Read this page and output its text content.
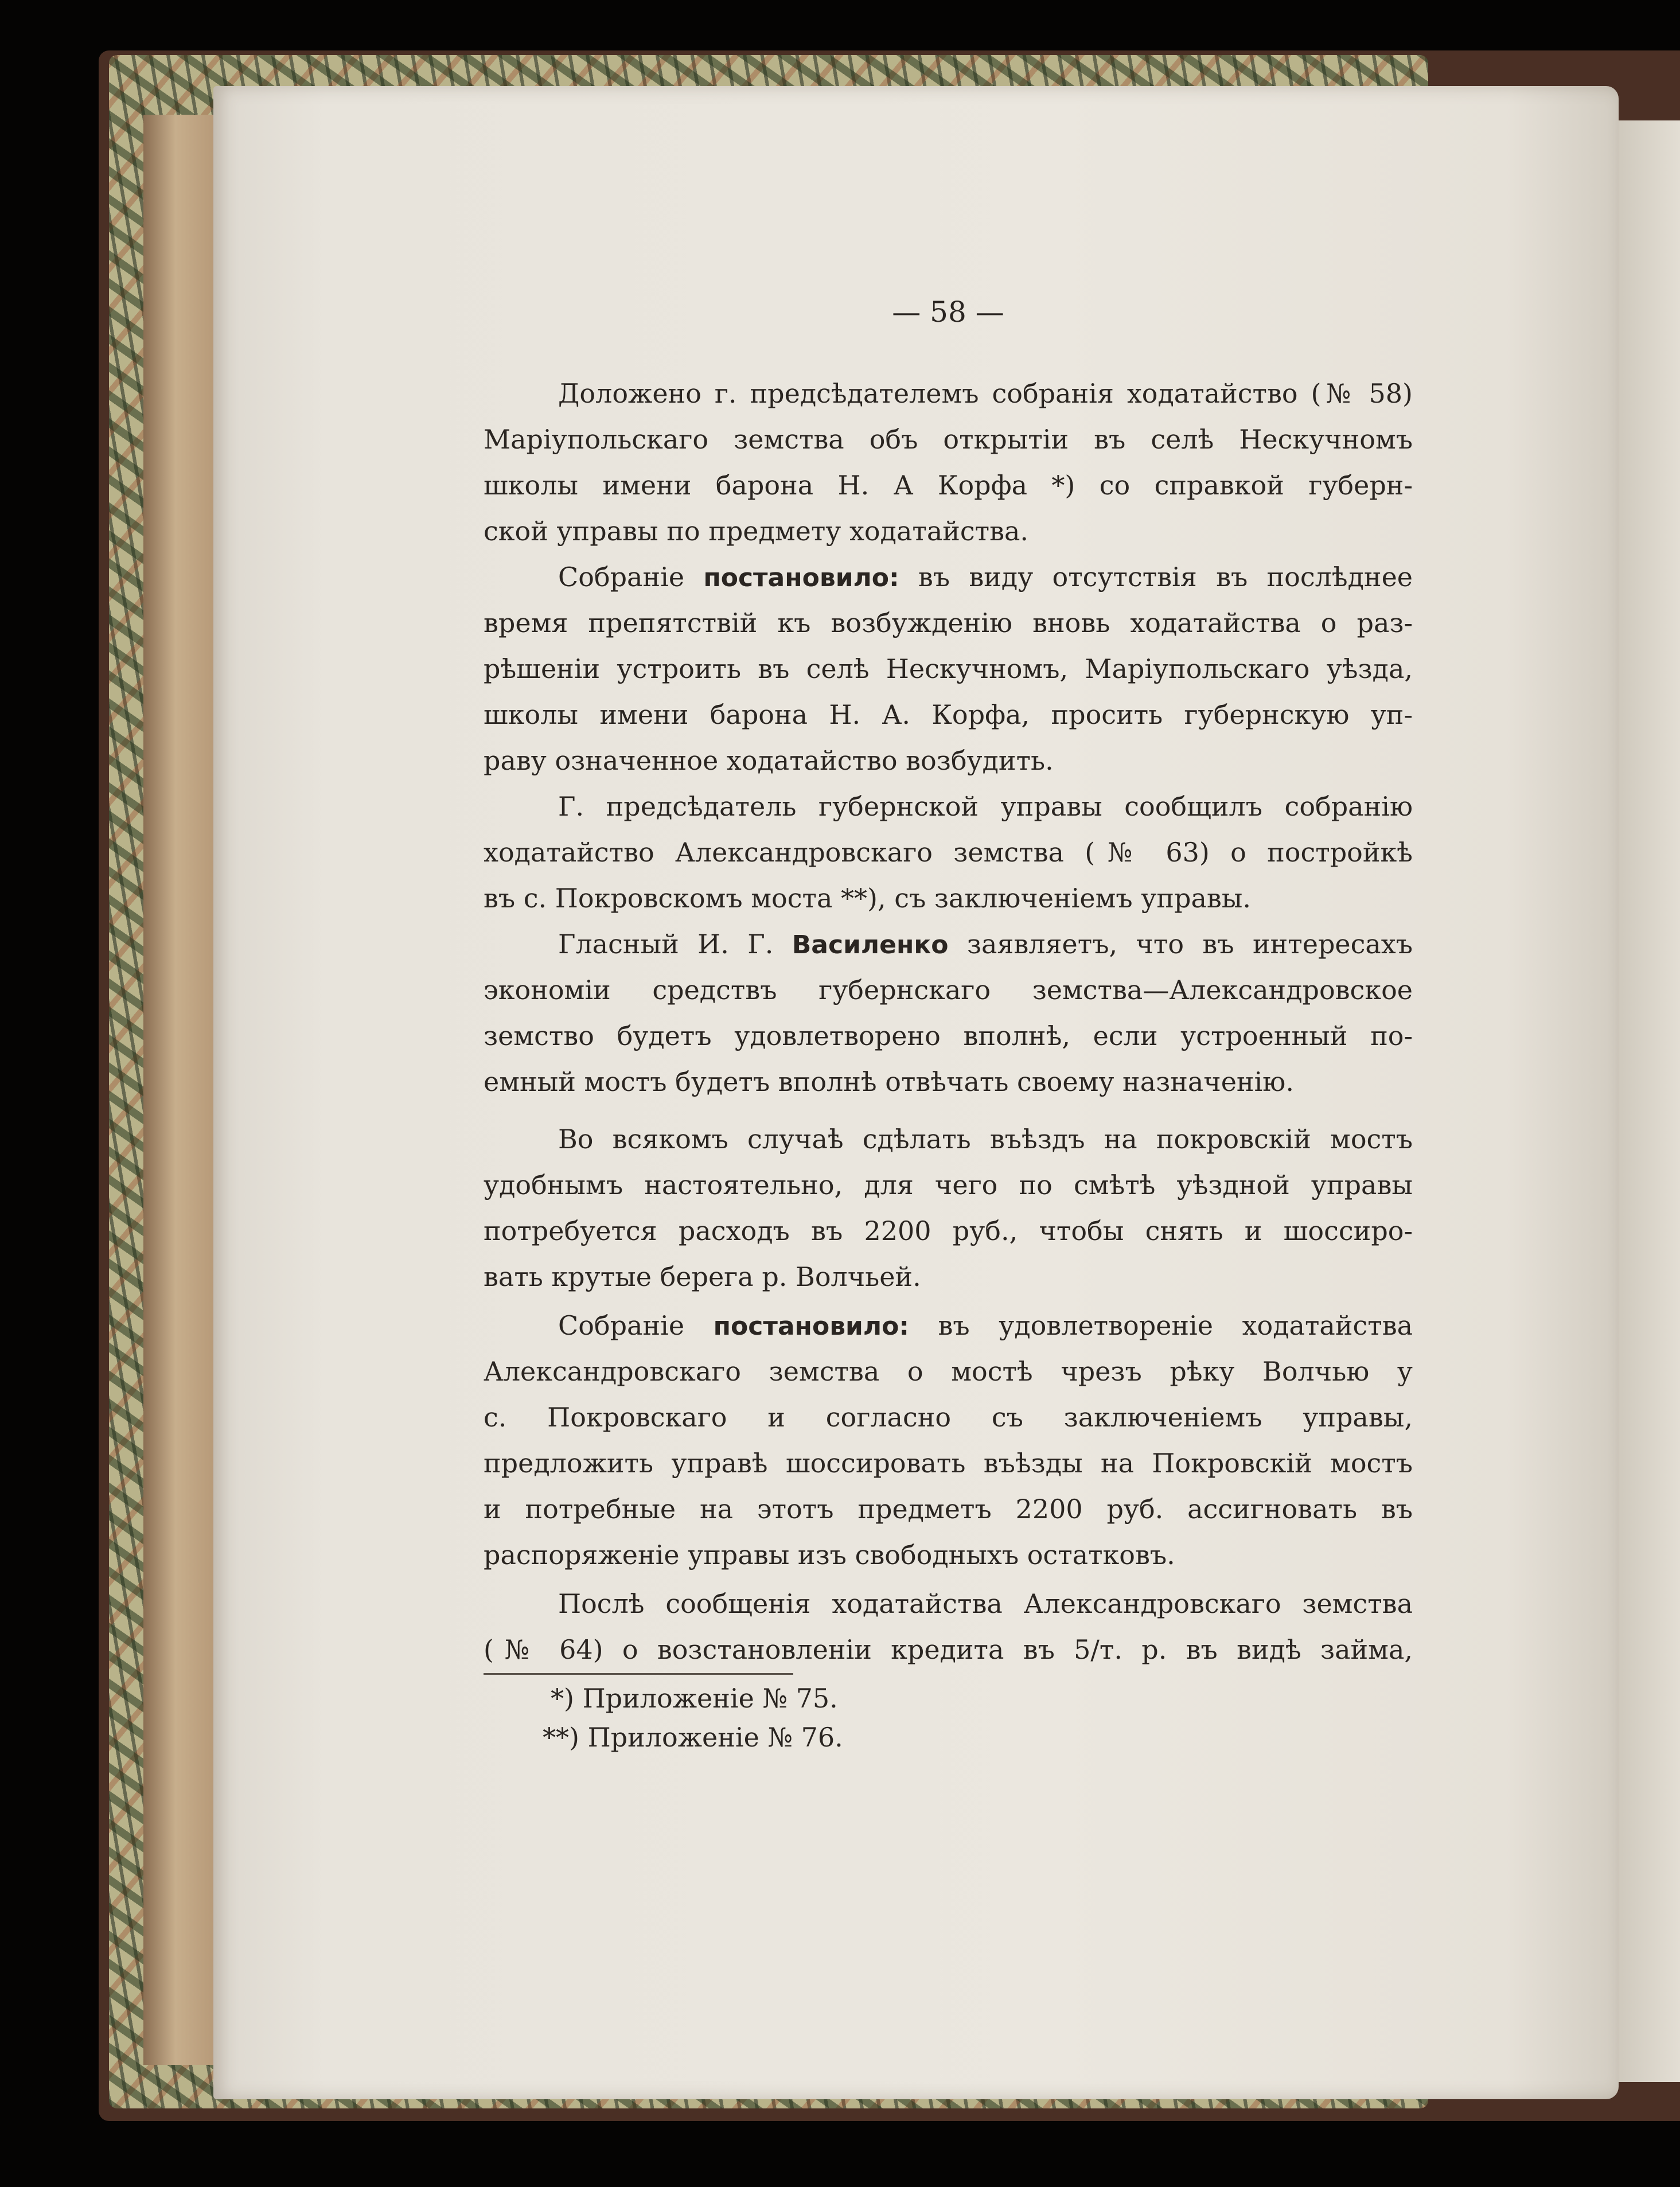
— 58 —
Доложено г. предсѣдателемъ собранія ходатайство (№ 58)
Маріупольскаго земства объ открытіи въ селѣ Нескучномъ
школы имени барона Н. А Корфа *) со справкой губерн-
ской управы по предмету ходатайства.
Собраніе постановило: въ виду отсутствія въ послѣднее
время препятствій къ возбужденію вновь ходатайства о раз-
рѣшеніи устроить въ селѣ Нескучномъ, Маріупольскаго уѣзда,
школы имени барона Н. А. Корфа, просить губернскую уп-
раву означенное ходатайство возбудить.
Г. предсѣдатель губернской управы сообщилъ собранію
ходатайство Александровскаго земства (№ 63) о постройкѣ
въ с. Покровскомъ моста **), съ заключеніемъ управы.
Гласный И. Г. Василенко заявляетъ, что въ интересахъ
экономіи средствъ губернскаго земства—Александровское
земство будетъ удовлетворено вполнѣ, если устроенный по-
емный мостъ будетъ вполнѣ отвѣчать своему назначенію.
Во всякомъ случаѣ сдѣлать въѣздъ на покровскій мостъ
удобнымъ настоятельно, для чего по смѣтѣ уѣздной управы
потребуется расходъ въ 2200 руб., чтобы снять и шоссиро-
вать крутые берега р. Волчьей.
Собраніе постановило: въ удовлетвореніе ходатайства
Александровскаго земства о мостѣ чрезъ рѣку Волчью у
с. Покровскаго и согласно съ заключеніемъ управы,
предложить управѣ шоссировать въѣзды на Покровскій мостъ
и потребные на этотъ предметъ 2200 руб. ассигновать въ
распоряженіе управы изъ свободныхъ остатковъ.
Послѣ сообщенія ходатайства Александровскаго земства
(№ 64) о возстановленіи кредита въ 5/т. р. въ видѣ займа,
*) Приложеніе № 75.
**) Приложеніе № 76.
